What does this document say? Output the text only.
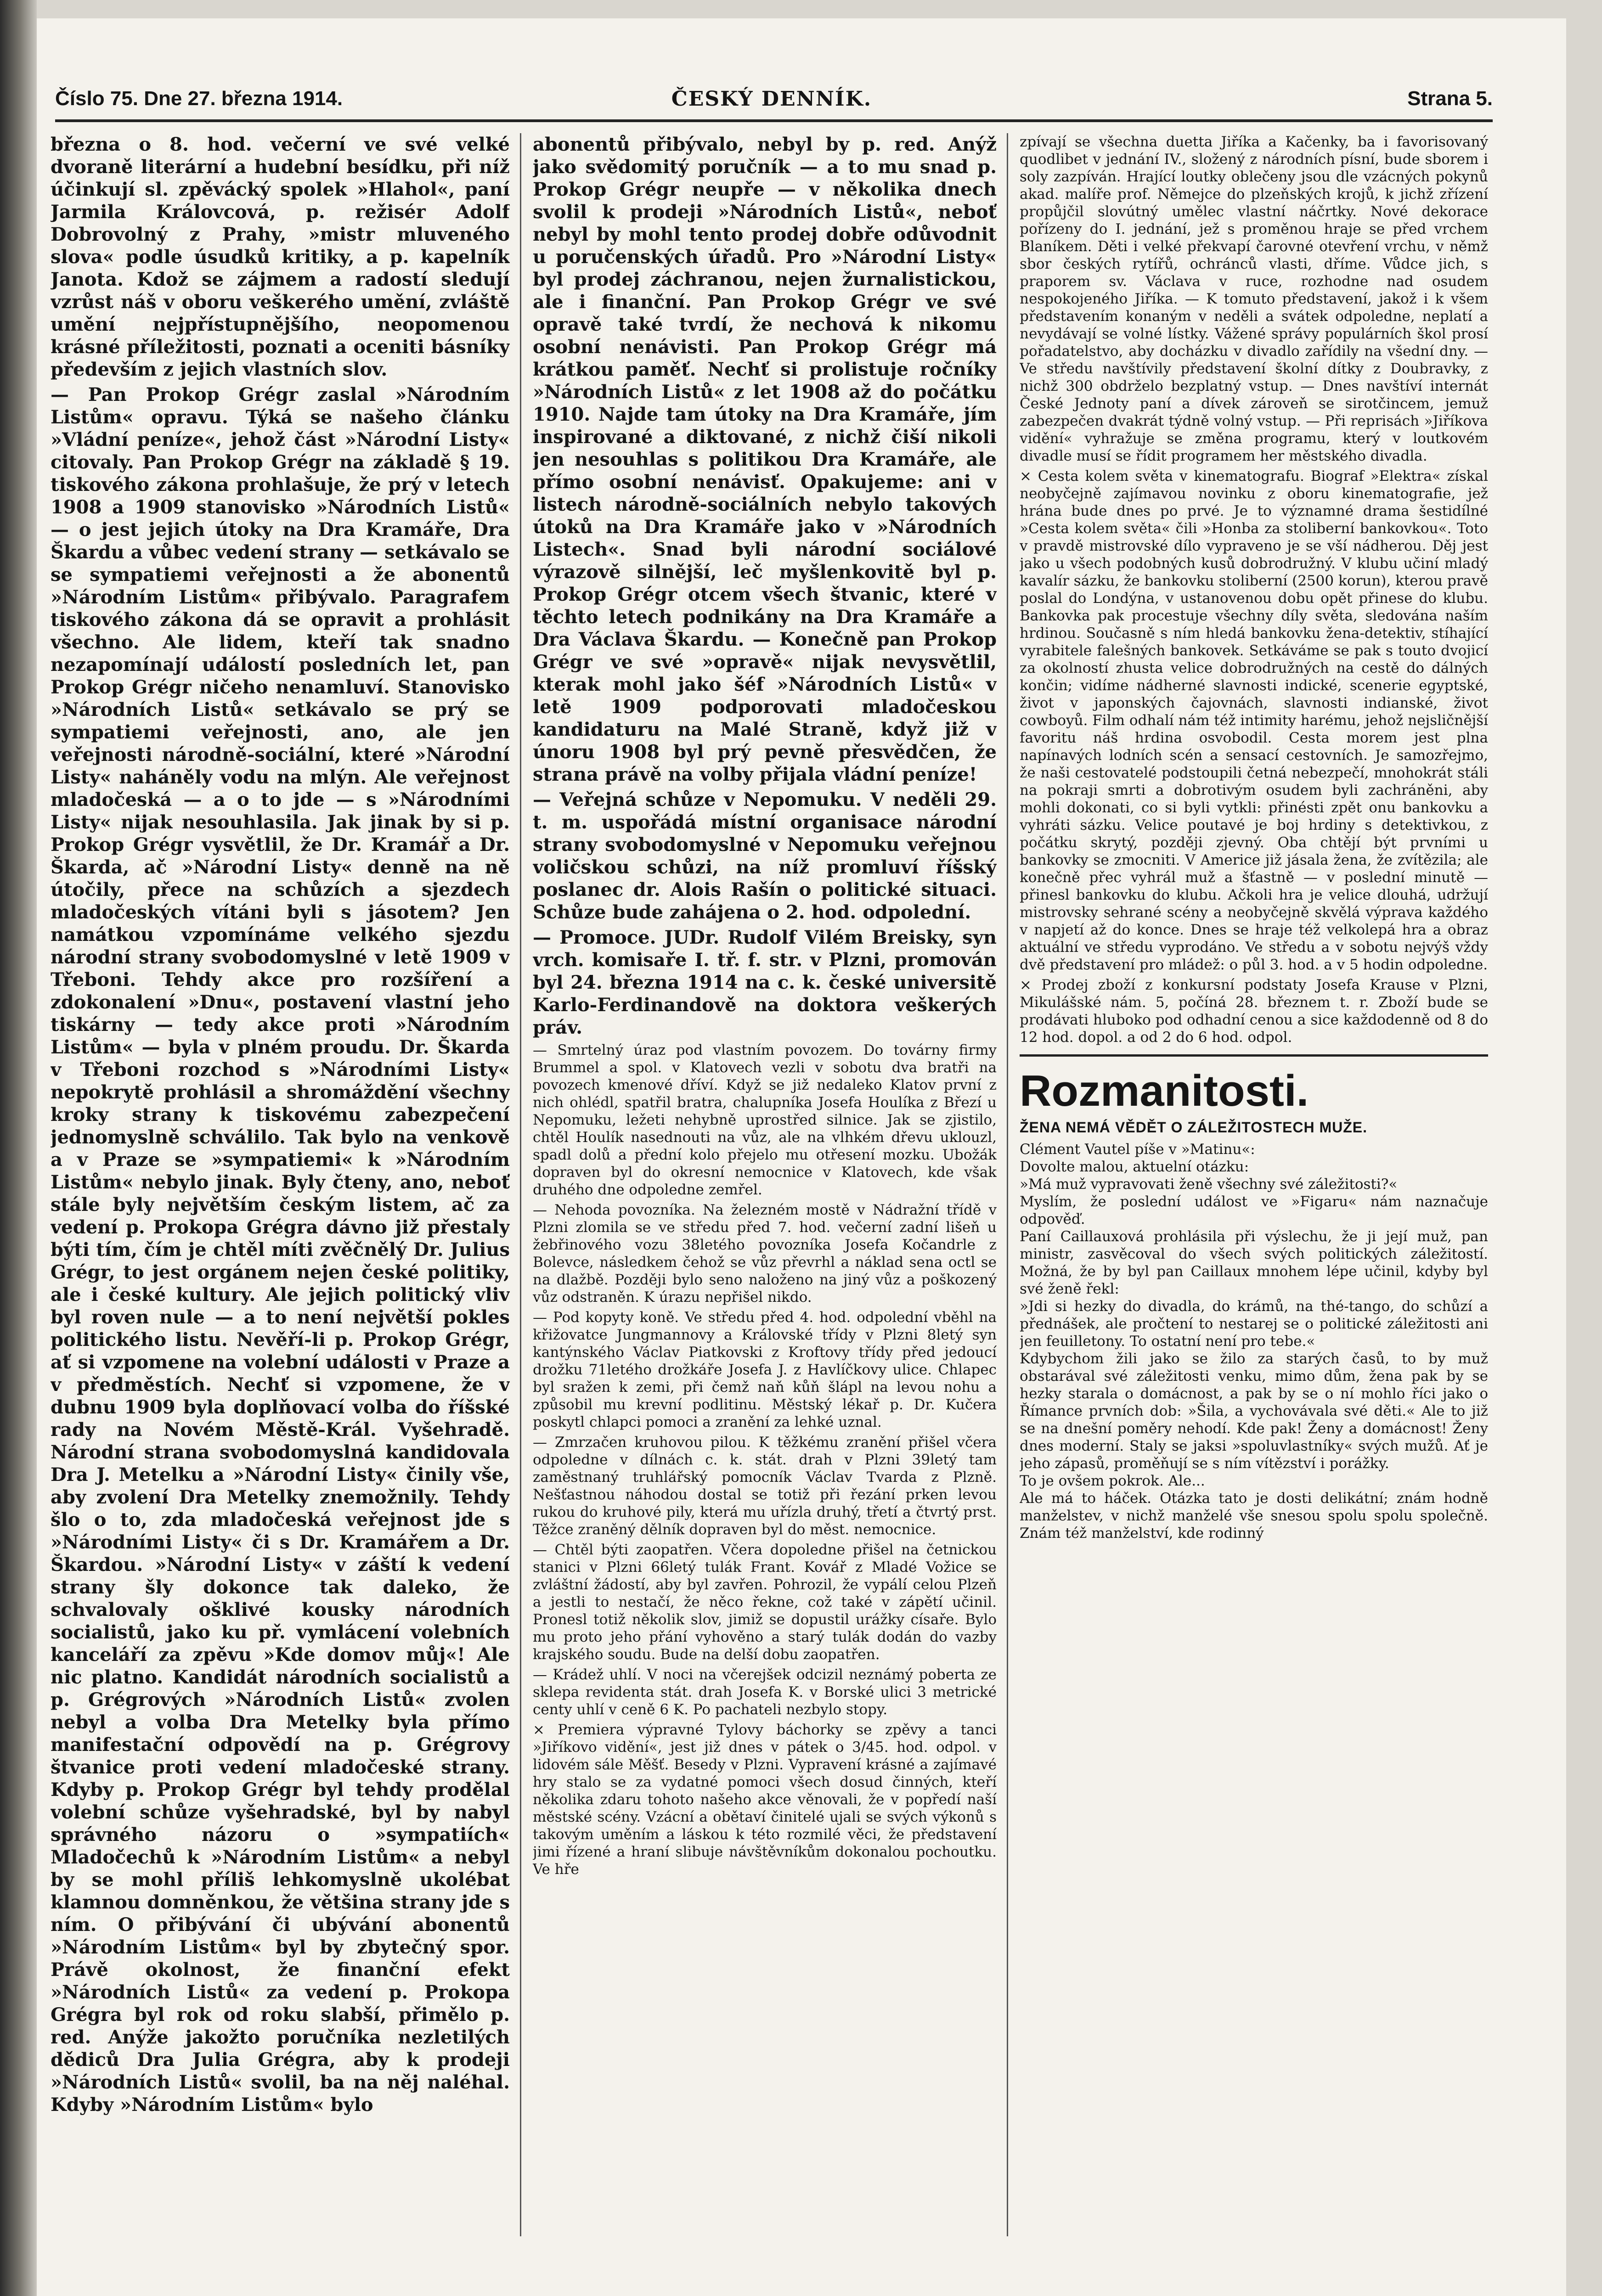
Číslo 75. Dne 27. března 1914.	ČESKÝ DENNÍK.	Strana 5.

března o 8. hod. večerní ve své velké dvoraně literární a hudební besídku, při níž účinkují sl. zpěvácký spolek »Hlahol«, paní Jarmila Královcová, p. režisér Adolf Dobrovolný z Prahy, »mistr mluveného slova« podle úsudků kritiky, a p. kapelník Janota. Kdož se zájmem a radostí sledují vzrůst náš v oboru veškerého umění, zvláště umění nejpřístupnějšího, neopomenou krásné příležitosti, poznati a oceniti básníky především z jejich vlastních slov.

— Pan Prokop Grégr zaslal »Národním Listům« opravu. Týká se našeho článku »Vládní peníze«, jehož část »Národní Listy« citovaly. Pan Prokop Grégr na základě § 19. tiskového zákona prohlašuje, že prý v letech 1908 a 1909 stanovisko »Národních Listů« — o jest jejich útoky na Dra Kramáře, Dra Škardu a vůbec vedení strany — setkávalo se se sympatiemi veřejnosti a že abonentů »Národním Listům« přibývalo. Paragrafem tiskového zákona dá se opravit a prohlásit všechno. Ale lidem, kteří tak snadno nezapomínají událostí posledních let, pan Prokop Grégr ničeho nenamluví. Stanovisko »Národních Listů« setkávalo se prý se sympatiemi veřejnosti, ano, ale jen veřejnosti národně-sociální, které »Národní Listy« naháněly vodu na mlýn. Ale veřejnost mladočeská — a o to jde — s »Národními Listy« nijak nesouhlasila. Jak jinak by si p. Prokop Grégr vysvětlil, že Dr. Kramář a Dr. Škarda, ač »Národní Listy« denně na ně útočily, přece na schůzích a sjezdech mladočeských vítáni byli s jásotem? Jen namátkou vzpomínáme velkého sjezdu národní strany svobodomyslné v letě 1909 v Třeboni. Tehdy akce pro rozšíření a zdokonalení »Dnu«, postavení vlastní jeho tiskárny — tedy akce proti »Národním Listům« — byla v plném proudu. Dr. Škarda v Třeboni rozchod s »Národními Listy« nepokrytě prohlásil a shromáždění všechny kroky strany k tiskovému zabezpečení jednomyslně schválilo. Tak bylo na venkově a v Praze se »sympatiemi« k »Národním Listům« nebylo jinak. Byly čteny, ano, neboť stále byly největším českým listem, ač za vedení p. Prokopa Grégra dávno již přestaly býti tím, čím je chtěl míti zvěčnělý Dr. Julius Grégr, to jest orgánem nejen české politiky, ale i české kultury. Ale jejich politický vliv byl roven nule — a to není největší pokles politického listu. Nevěří-li p. Prokop Grégr, ať si vzpomene na volební události v Praze a v předměstích. Nechť si vzpomene, že v dubnu 1909 byla doplňovací volba do říšské rady na Novém Městě-Král. Vyšehradě. Národní strana svobodomyslná kandidovala Dra J. Metelku a »Národní Listy« činily vše, aby zvolení Dra Metelky znemožnily. Tehdy šlo o to, zda mladočeská veřejnost jde s »Národními Listy« či s Dr. Kramářem a Dr. Škardou. »Národní Listy« v záští k vedení strany šly dokonce tak daleko, že schvalovaly ošklivé kousky národních socialistů, jako ku př. vymlácení volebních kanceláří za zpěvu »Kde domov můj«! Ale nic platno. Kandidát národních socialistů a p. Grégrových »Národních Listů« zvolen nebyl a volba Dra Metelky byla přímo manifestační odpovědí na p. Grégrovy štvanice proti vedení mladočeské strany. Kdyby p. Prokop Grégr byl tehdy prodělal volební schůze vyšehradské, byl by nabyl správného názoru o »sympatiích« Mladočechů k »Národním Listům« a nebyl by se mohl příliš lehkomyslně ukolébat klamnou domněnkou, že většina strany jde s ním. O přibývání či ubývání abonentů »Národním Listům« byl by zbytečný spor. Právě okolnost, že finanční efekt »Národních Listů« za vedení p. Prokopa Grégra byl rok od roku slabší, přimělo p. red. Anýže jakožto poručníka nezletilých dědiců Dra Julia Grégra, aby k prodeji »Národních Listů« svolil, ba na něj naléhal. Kdyby »Národním Listům« bylo

abonentů přibývalo, nebyl by p. red. Anýž jako svědomitý poručník — a to mu snad p. Prokop Grégr neupře — v několika dnech svolil k prodeji »Národních Listů«, neboť nebyl by mohl tento prodej dobře odůvodnit u poručenských úřadů. Pro »Národní Listy« byl prodej záchranou, nejen žurnalistickou, ale i finanční. Pan Prokop Grégr ve své opravě také tvrdí, že nechová k nikomu osobní nenávisti. Pan Prokop Grégr má krátkou paměť. Nechť si prolistuje ročníky »Národních Listů« z let 1908 až do počátku 1910. Najde tam útoky na Dra Kramáře, jím inspirované a diktované, z nichž čiší nikoli jen nesouhlas s politikou Dra Kramáře, ale přímo osobní nenávisť. Opakujeme: ani v listech národně-sociálních nebylo takových útoků na Dra Kramáře jako v »Národních Listech«. Snad byli národní sociálové výrazově silnější, leč myšlenkovitě byl p. Prokop Grégr otcem všech štvanic, které v těchto letech podnikány na Dra Kramáře a Dra Václava Škardu. — Konečně pan Prokop Grégr ve své »opravě« nijak nevysvětlil, kterak mohl jako šéf »Národních Listů« v letě 1909 podporovati mladočeskou kandidaturu na Malé Straně, když již v únoru 1908 byl prý pevně přesvědčen, že strana právě na volby přijala vládní peníze!

— Veřejná schůze v Nepomuku. V neděli 29. t. m. uspořádá místní organisace národní strany svobodomyslné v Nepomuku veřejnou voličskou schůzi, na níž promluví říšský poslanec dr. Alois Rašín o politické situaci. Schůze bude zahájena o 2. hod. odpolední.

— Promoce. JUDr. Rudolf Vilém Breisky, syn vrch. komisaře I. tř. f. str. v Plzni, promován byl 24. března 1914 na c. k. české universitě Karlo-Ferdinandově na doktora veškerých práv.

— Smrtelný úraz pod vlastním povozem. Do továrny firmy Brummel a spol. v Klatovech vezli v sobotu dva bratři na povozech kmenové dříví. Když se již nedaleko Klatov první z nich ohlédl, spatřil bratra, chalupníka Josefa Houlíka z Březí u Nepomuku, ležeti nehybně uprostřed silnice. Jak se zjistilo, chtěl Houlík nasednouti na vůz, ale na vlhkém dřevu uklouzl, spadl dolů a přední kolo přejelo mu otřesení mozku. Ubožák dopraven byl do okresní nemocnice v Klatovech, kde však druhého dne odpoledne zemřel.

— Nehoda povozníka. Na železném mostě v Nádražní třídě v Plzni zlomila se ve středu před 7. hod. večerní zadní lišeň u žebřinového vozu 38letého povozníka Josefa Kočandrle z Bolevce, následkem čehož se vůz převrhl a náklad sena octl se na dlažbě. Později bylo seno naloženo na jiný vůz a poškozený vůz odstraněn. K úrazu nepřišel nikdo.

— Pod kopyty koně. Ve středu před 4. hod. odpolední vběhl na křižovatce Jungmannovy a Královské třídy v Plzni 8letý syn kantýnského Václav Piatkovski z Kroftovy třídy před jedoucí drožku 71letého drožkáře Josefa J. z Havlíčkovy ulice. Chlapec byl sražen k zemi, při čemž naň kůň šlápl na levou nohu a způsobil mu krevní podlitinu. Městský lékař p. Dr. Kučera poskytl chlapci pomoci a zranění za lehké uznal.

— Zmrzačen kruhovou pilou. K těžkému zranění přišel včera odpoledne v dílnách c. k. stát. drah v Plzni 39letý tam zaměstnaný truhlářský pomocník Václav Tvarda z Plzně. Nešťastnou náhodou dostal se totiž při řezání prken levou rukou do kruhové pily, která mu uřízla druhý, třetí a čtvrtý prst. Těžce zraněný dělník dopraven byl do měst. nemocnice.

— Chtěl býti zaopatřen. Včera dopoledne přišel na četnickou stanici v Plzni 66letý tulák Frant. Kovář z Mladé Vožice se zvláštní žádostí, aby byl zavřen. Pohrozil, že vypálí celou Plzeň a jestli to nestačí, že něco řekne, což také v zápětí učinil. Pronesl totiž několik slov, jimiž se dopustil urážky císaře. Bylo mu proto jeho přání vyhověno a starý tulák dodán do vazby krajského soudu. Bude na delší dobu zaopatřen.

— Krádež uhlí. V noci na včerejšek odcizil neznámý pobertа ze sklepa revidenta stát. drah Josefa K. v Borské ulici 3 metrické centy uhlí v ceně 6 K. Po pachateli nezbylo stopy.

× Premiera výpravné Tylovy báchorky se zpěvy a tanci »Jiříkovo vidění«, jest již dnes v pátek o 3/45. hod. odpol. v lidovém sále Měšť. Besedy v Plzni. Vypravení krásné a zajímavé hry stalo se za vydatné pomoci všech dosud činných, kteří několika zdaru tohoto našeho akce věnovali, že v popředí naší městské scény. Vzácní a obětaví činitelé ujali se svých výkonů s takovým uměním a láskou k této rozmilé věci, že představení jimi řízené a hraní slibuje návštěvníkům dokonalou pochoutku. Ve hře

zpívají se všechna duetta Jiříka a Kačenky, ba i favorisovaný quodlibet v jednání IV., složený z národních písní, bude sborem i soly zazpíván. Hrající loutky oblečeny jsou dle vzácných pokynů akad. malíře prof. Němejce do plzeňských krojů, k jichž zřízení propůjčil slovútný umělec vlastní náčrtky. Nové dekorace pořízeny do I. jednání, jež s proměnou hraje se před vrchem Blaníkem. Děti i velké překvapí čarovné otevření vrchu, v němž sbor českých rytířů, ochránců vlasti, dříme. Vůdce jich, s praporem sv. Václava v ruce, rozhodne nad osudem nespokojeného Jiříka. — K tomuto představení, jakož i k všem představením konaným v neděli a svátek odpoledne, neplatí a nevydávají se volné lístky. Vážené správy populárních škol prosí pořadatelstvo, aby docházku v divadlo zařídily na všední dny. — Ve středu navštívily představení školní dítky z Doubravky, z nichž 300 obdrželo bezplatný vstup. — Dnes navštíví internát České Jednoty paní a dívek zároveň se sirotčincem, jemuž zabezpečen dvakrát týdně volný vstup. — Při reprisách »Jiříkova vidění« vyhražuje se změna programu, který v loutkovém divadle musí se řídit programem her městského divadla.

× Cestа kolem světa v kinematografu. Biograf »Elektra« získal neobyčejně zajímavou novinku z oboru kinematografie, jež hrána bude dnes po prvé. Je to významné drama šestidílné »Cesta kolem světa« čili »Honba za stoliberní bankovkou«. Toto v pravdě mistrovské dílo vypraveno je se vší nádherou. Děj jest jako u všech podobných kusů dobrodružný. V klubu učiní mladý kavalír sázku, že bankovku stoliberní (2500 korun), kterou pravě poslal do Londýna, v ustanovenou dobu opět přinese do klubu. Bankovka pak procestuje všechny díly světa, sledována naším hrdinou. Současně s ním hledá bankovku žena-detektiv, stíhající vyrabitele falešných bankovek. Setkáváme se pak s touto dvojicí za okolností zhusta velice dobrodružných na cestě do dálných končin; vidíme nádherné slavnosti indické, scenerie egyptské, život v japonských čajovnách, slavnosti indianské, život cowboyů. Film odhalí nám též intimity harému, jehož nejsličnější favoritu náš hrdina osvobodil. Cesta morem jest plna napínavých lodních scén a sensací cestovních. Je samozřejmo, že naši cestovatelé podstoupili četná nebezpečí, mnohokrát stáli na pokraji smrti a dobrotivým osudem byli zachráněni, aby mohli dokonati, co si byli vytkli: přinésti zpět onu bankovku a vyhráti sázku. Velice poutavé je boj hrdiny s detektivkou, z počátku skrytý, později zjevný. Oba chtějí být prvními u bankovky se zmocniti. V Americe již jásala žena, že zvítězila; ale konečně přec vyhrál muž a šťastně — v poslední minutě — přinesl bankovku do klubu. Ačkoli hra je velice dlouhá, udržují mistrovsky sehrané scény a neobyčejně skvělá výprava každého v napjetí až do konce. Dnes se hraje též velkolepá hra a obraz aktuální ve středu vyprodáno. Ve středu a v sobotu nejvýš vždy dvě představení pro mládež: o půl 3. hod. a v 5 hodin odpoledne.

× Prodej zboží z konkursní podstaty Josefa Krause v Plzni, Mikulášské nám. 5, počíná 28. březnem t. r. Zboží bude se prodávati hluboko pod odhadní cenou a sice každodenně od 8 do 12 hod. dopol. a od 2 do 6 hod. odpol.

Rozmanitosti.
ŽENA NEMÁ VĚDĚT O ZÁLEŽITOSTECH MUŽE.

Clément Vautel píše v »Matinu«:

Dovolte malou, aktuelní otázku:

»Má muž vypravovati ženě všechny své záležitosti?«

Myslím, že poslední událost ve »Figaru« nám naznačuje odpověď.

Paní Caillauxová prohlásila při výslechu, že ji její muž, pan ministr, zasvěcoval do všech svých politických záležitostí. Možná, že by byl pan Caillaux mnohem lépe učinil, kdyby byl své ženě řekl:

»Jdi si hezky do divadla, do krámů, na thé-tango, do schůzí a přednášek, ale pročtení to nestarej se o politické záležitosti ani jen feuilletony. To ostatní není pro tebe.«

Kdybychom žili jako se žilo za starých časů, to by muž obstarával své záležitosti venku, mimo dům, žena pak by se hezky starala o domácnost, a pak by se o ní mohlo říci jako o Římance prvních dob: »Šila, a vychovávala své děti.« Ale to již se na dnešní poměry nehodí. Kde pak! Ženy a domácnost! Ženy dnes moderní. Staly se jaksi »spoluvlastníky« svých mužů. Ať je jeho zápasů, proměňují se s ním vítězství i porážky.

To je ovšem pokrok. Ale...

Ale má to háček. Otázka tato je dosti delikátní; znám hodně manželstev, v nichž manželé vše snesou spolu spolu společně. Znám též manželství, kde rodinný
